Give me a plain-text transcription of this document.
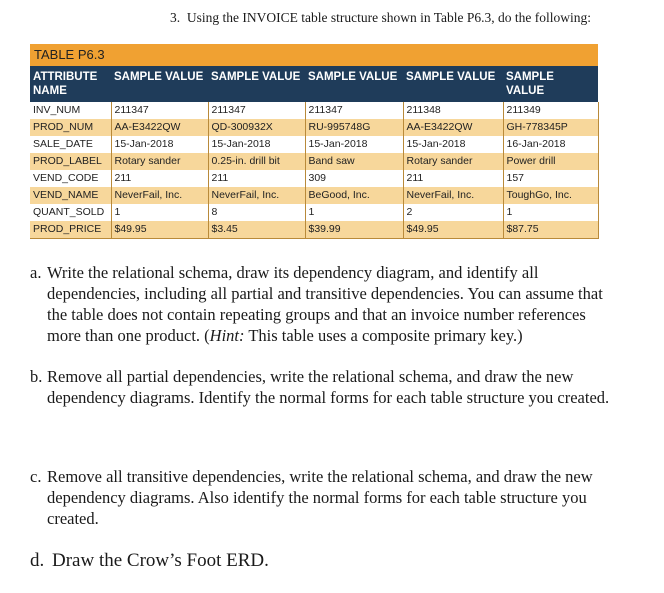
3.  Using the INVOICE table structure shown in Table P6.3, do the following:
TABLE P6.3
ATTRIBUTE NAME	SAMPLE VALUE	SAMPLE VALUE	SAMPLE VALUE	SAMPLE VALUE	SAMPLE VALUE
INV_NUM	211347	211347	211347	211348	211349
PROD_NUM	AA-E3422QW	QD-300932X	RU-995748G	AA-E3422QW	GH-778345P
SALE_DATE	15-Jan-2018	15-Jan-2018	15-Jan-2018	15-Jan-2018	16-Jan-2018
PROD_LABEL	Rotary sander	0.25-in. drill bit	Band saw	Rotary sander	Power drill
VEND_CODE	211	211	309	211	157
VEND_NAME	NeverFail, Inc.	NeverFail, Inc.	BeGood, Inc.	NeverFail, Inc.	ToughGo, Inc.
QUANT_SOLD	1	8	1	2	1
PROD_PRICE	$49.95	$3.45	$39.99	$49.95	$87.75
a. Write the relational schema, draw its dependency diagram, and identify all dependencies, including all partial and transitive dependencies. You can assume that the table does not contain repeating groups and that an invoice number references more than one product. (Hint: This table uses a composite primary key.)
b. Remove all partial dependencies, write the relational schema, and draw the new dependency diagrams. Identify the normal forms for each table structure you created.
c. Remove all transitive dependencies, write the relational schema, and draw the new dependency diagrams. Also identify the normal forms for each table structure you created.
d. Draw the Crow’s Foot ERD.
